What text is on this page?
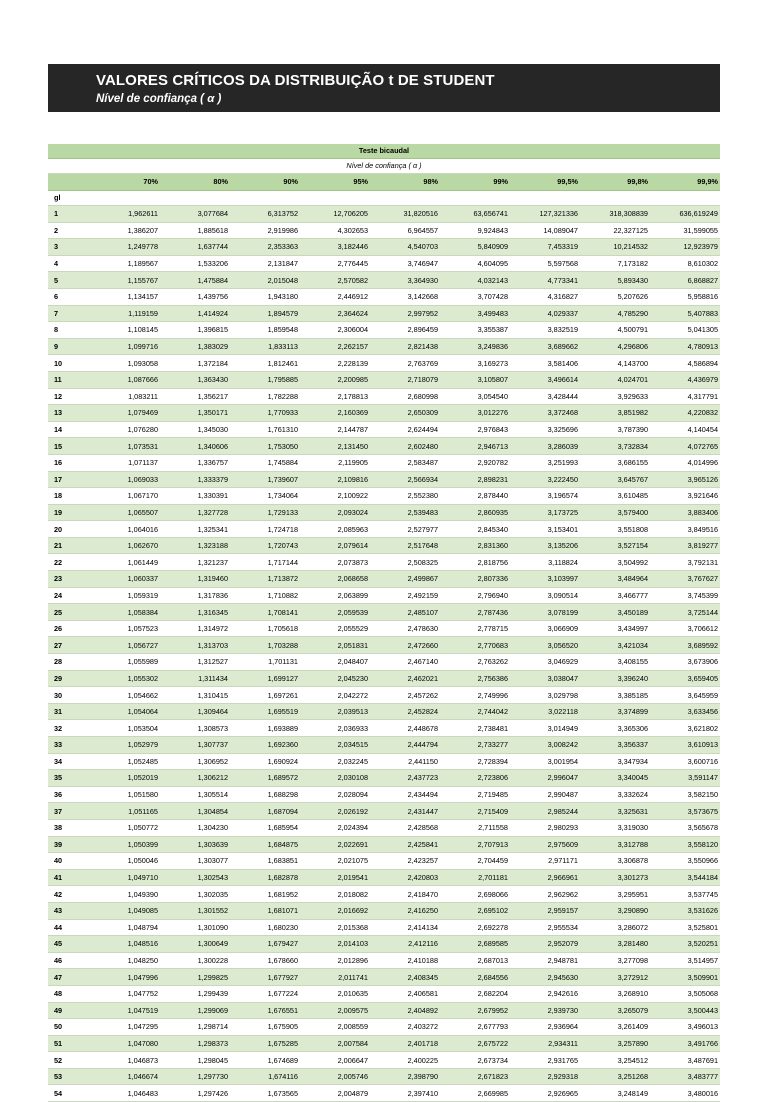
VALORES CRÍTICOS DA DISTRIBUIÇÃO t DE STUDENT
Nível de confiança ( α )
Teste bicaudal									
Nível de confiança ( α )									
	70%	80%	90%	95%	98%	99%	99,5%	99,8%	99,9%
gl									
1	1,962611	3,077684	6,313752	12,706205	31,820516	63,656741	127,321336	318,308839	636,619249
2	1,386207	1,885618	2,919986	4,302653	6,964557	9,924843	14,089047	22,327125	31,599055
3	1,249778	1,637744	2,353363	3,182446	4,540703	5,840909	7,453319	10,214532	12,923979
4	1,189567	1,533206	2,131847	2,776445	3,746947	4,604095	5,597568	7,173182	8,610302
5	1,155767	1,475884	2,015048	2,570582	3,364930	4,032143	4,773341	5,893430	6,868827
6	1,134157	1,439756	1,943180	2,446912	3,142668	3,707428	4,316827	5,207626	5,958816
7	1,119159	1,414924	1,894579	2,364624	2,997952	3,499483	4,029337	4,785290	5,407883
8	1,108145	1,396815	1,859548	2,306004	2,896459	3,355387	3,832519	4,500791	5,041305
9	1,099716	1,383029	1,833113	2,262157	2,821438	3,249836	3,689662	4,296806	4,780913
10	1,093058	1,372184	1,812461	2,228139	2,763769	3,169273	3,581406	4,143700	4,586894
11	1,087666	1,363430	1,795885	2,200985	2,718079	3,105807	3,496614	4,024701	4,436979
12	1,083211	1,356217	1,782288	2,178813	2,680998	3,054540	3,428444	3,929633	4,317791
13	1,079469	1,350171	1,770933	2,160369	2,650309	3,012276	3,372468	3,851982	4,220832
14	1,076280	1,345030	1,761310	2,144787	2,624494	2,976843	3,325696	3,787390	4,140454
15	1,073531	1,340606	1,753050	2,131450	2,602480	2,946713	3,286039	3,732834	4,072765
16	1,071137	1,336757	1,745884	2,119905	2,583487	2,920782	3,251993	3,686155	4,014996
17	1,069033	1,333379	1,739607	2,109816	2,566934	2,898231	3,222450	3,645767	3,965126
18	1,067170	1,330391	1,734064	2,100922	2,552380	2,878440	3,196574	3,610485	3,921646
19	1,065507	1,327728	1,729133	2,093024	2,539483	2,860935	3,173725	3,579400	3,883406
20	1,064016	1,325341	1,724718	2,085963	2,527977	2,845340	3,153401	3,551808	3,849516
21	1,062670	1,323188	1,720743	2,079614	2,517648	2,831360	3,135206	3,527154	3,819277
22	1,061449	1,321237	1,717144	2,073873	2,508325	2,818756	3,118824	3,504992	3,792131
23	1,060337	1,319460	1,713872	2,068658	2,499867	2,807336	3,103997	3,484964	3,767627
24	1,059319	1,317836	1,710882	2,063899	2,492159	2,796940	3,090514	3,466777	3,745399
25	1,058384	1,316345	1,708141	2,059539	2,485107	2,787436	3,078199	3,450189	3,725144
26	1,057523	1,314972	1,705618	2,055529	2,478630	2,778715	3,066909	3,434997	3,706612
27	1,056727	1,313703	1,703288	2,051831	2,472660	2,770683	3,056520	3,421034	3,689592
28	1,055989	1,312527	1,701131	2,048407	2,467140	2,763262	3,046929	3,408155	3,673906
29	1,055302	1,311434	1,699127	2,045230	2,462021	2,756386	3,038047	3,396240	3,659405
30	1,054662	1,310415	1,697261	2,042272	2,457262	2,749996	3,029798	3,385185	3,645959
31	1,054064	1,309464	1,695519	2,039513	2,452824	2,744042	3,022118	3,374899	3,633456
32	1,053504	1,308573	1,693889	2,036933	2,448678	2,738481	3,014949	3,365306	3,621802
33	1,052979	1,307737	1,692360	2,034515	2,444794	2,733277	3,008242	3,356337	3,610913
34	1,052485	1,306952	1,690924	2,032245	2,441150	2,728394	3,001954	3,347934	3,600716
35	1,052019	1,306212	1,689572	2,030108	2,437723	2,723806	2,996047	3,340045	3,591147
36	1,051580	1,305514	1,688298	2,028094	2,434494	2,719485	2,990487	3,332624	3,582150
37	1,051165	1,304854	1,687094	2,026192	2,431447	2,715409	2,985244	3,325631	3,573675
38	1,050772	1,304230	1,685954	2,024394	2,428568	2,711558	2,980293	3,319030	3,565678
39	1,050399	1,303639	1,684875	2,022691	2,425841	2,707913	2,975609	3,312788	3,558120
40	1,050046	1,303077	1,683851	2,021075	2,423257	2,704459	2,971171	3,306878	3,550966
41	1,049710	1,302543	1,682878	2,019541	2,420803	2,701181	2,966961	3,301273	3,544184
42	1,049390	1,302035	1,681952	2,018082	2,418470	2,698066	2,962962	3,295951	3,537745
43	1,049085	1,301552	1,681071	2,016692	2,416250	2,695102	2,959157	3,290890	3,531626
44	1,048794	1,301090	1,680230	2,015368	2,414134	2,692278	2,955534	3,286072	3,525801
45	1,048516	1,300649	1,679427	2,014103	2,412116	2,689585	2,952079	3,281480	3,520251
46	1,048250	1,300228	1,678660	2,012896	2,410188	2,687013	2,948781	3,277098	3,514957
47	1,047996	1,299825	1,677927	2,011741	2,408345	2,684556	2,945630	3,272912	3,509901
48	1,047752	1,299439	1,677224	2,010635	2,406581	2,682204	2,942616	3,268910	3,505068
49	1,047519	1,299069	1,676551	2,009575	2,404892	2,679952	2,939730	3,265079	3,500443
50	1,047295	1,298714	1,675905	2,008559	2,403272	2,677793	2,936964	3,261409	3,496013
51	1,047080	1,298373	1,675285	2,007584	2,401718	2,675722	2,934311	3,257890	3,491766
52	1,046873	1,298045	1,674689	2,006647	2,400225	2,673734	2,931765	3,254512	3,487691
53	1,046674	1,297730	1,674116	2,005746	2,398790	2,671823	2,929318	3,251268	3,483777
54	1,046483	1,297426	1,673565	2,004879	2,397410	2,669985	2,926965	3,248149	3,480016
